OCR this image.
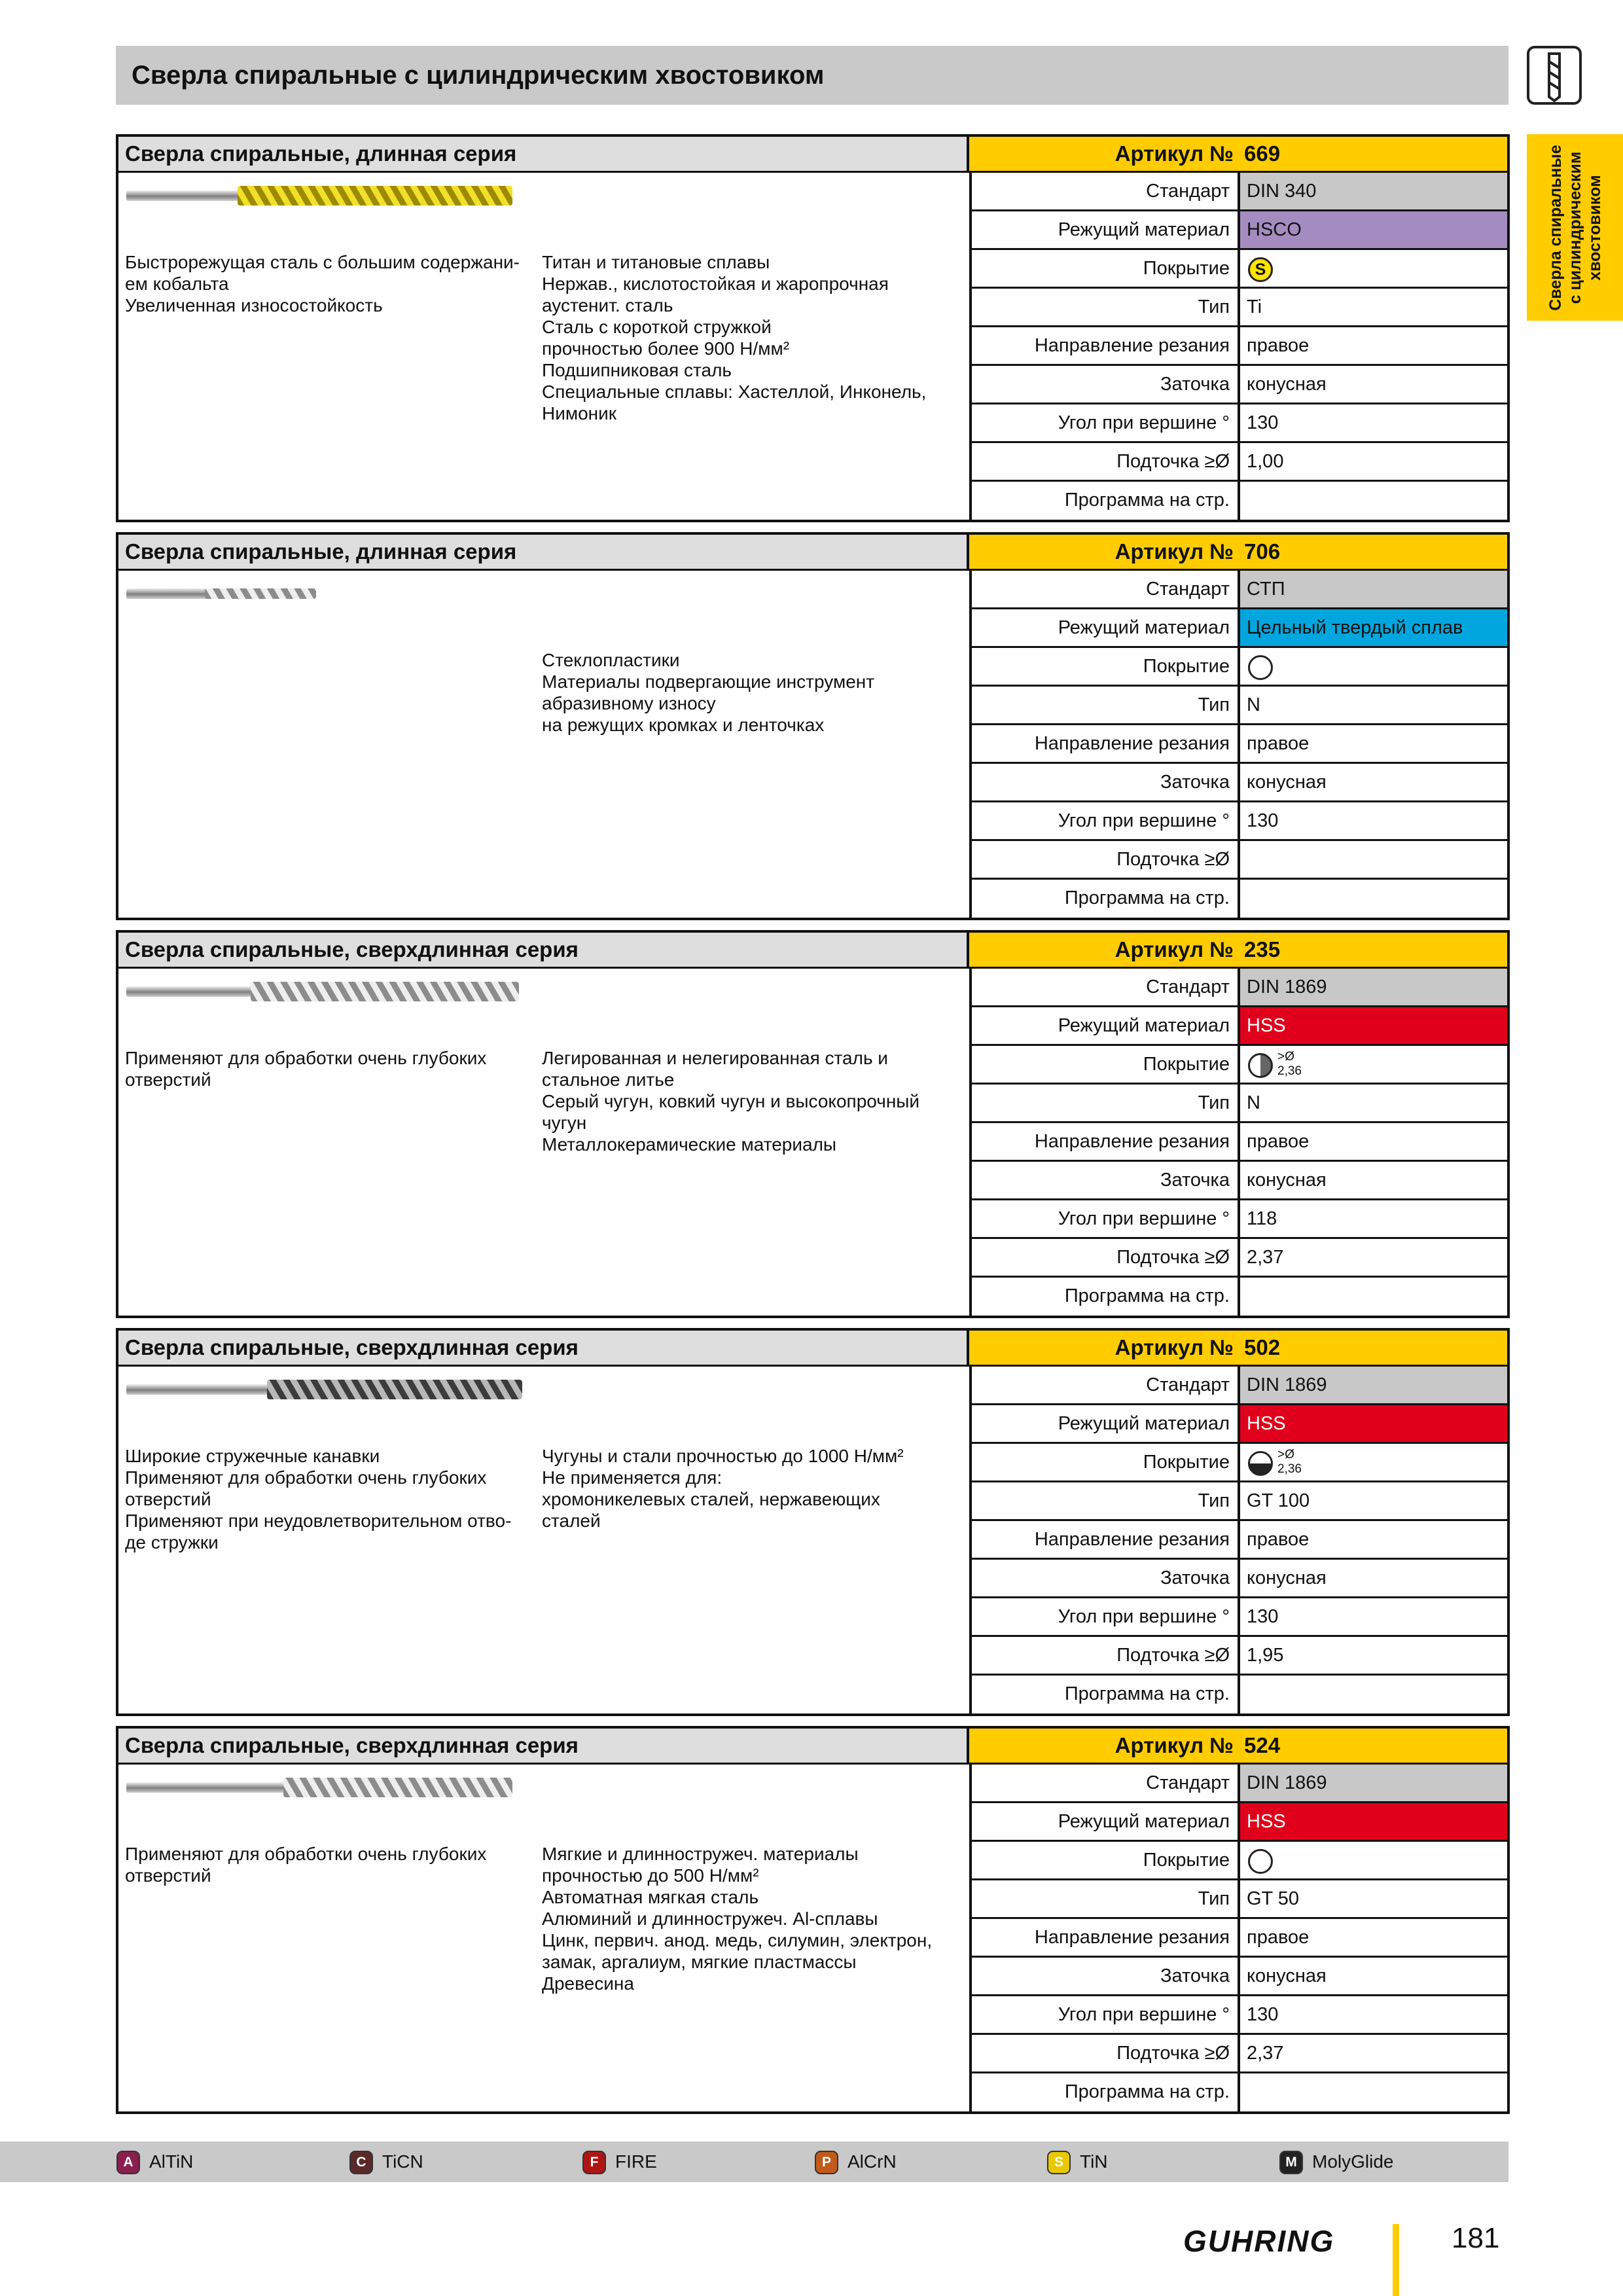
Сверла спиральные с цилиндрическим хвостовиком
Сверла спиральные
с цилиндрическим
хвостовиком
Сверла спиральные, длинная серия	Артикул № 669
Быстрорежущая сталь с большим содержани-
ем кобальта
Увеличенная износостойкость
Титан и титановые сплавы
Нержав., кислотостойкая и жаропрочная
аустенит. сталь
Сталь с короткой стружкой
прочностью более 900 Н/мм²
Подшипниковая сталь
Специальные сплавы: Хастеллой, Инконель,
Нимоник
Стандарт DIN 340
Режущий материал HSCO
Покрытие	S
Тип Ti
Направление резания правое
Заточка конусная
Угол при вершине ° 130
Подточка ≥Ø 1,00
Программа на стр.
Сверла спиральные, длинная серия	Артикул № 706
Стеклопластики
Материалы подвергающие инструмент
абразивному износу
на режущих кромках и ленточках
Стандарт СТП
Режущий материал Цельный твердый сплав
Покрытие
Тип N
Направление резания правое
Заточка конусная
Угол при вершине ° 130
Подточка ≥Ø
Программа на стр.
Сверла спиральные, сверхдлинная серия	Артикул № 235
Применяют для обработки очень глубоких
отверстий
Легированная и нелегированная сталь и
стальное литье
Серый чугун, ковкий чугун и высокопрочный
чугун
Металлокерамические материалы
Стандарт DIN 1869
Режущий материал HSS
Покрытие	>Ø
2,36
Тип N
Направление резания правое
Заточка конусная
Угол при вершине ° 118
Подточка ≥Ø 2,37
Программа на стр.
Сверла спиральные, сверхдлинная серия	Артикул № 502
Широкие стружечные канавки
Применяют для обработки очень глубоких
отверстий
Применяют при неудовлетворительном отво-
де стружки
Чугуны и стали прочностью до 1000 Н/мм²
Не применяется для:
хромоникелевых сталей, нержавеющих
сталей
Стандарт DIN 1869
Режущий материал HSS
Покрытие	>Ø
2,36
Тип GT 100
Направление резания правое
Заточка конусная
Угол при вершине ° 130
Подточка ≥Ø 1,95
Программа на стр.
Сверла спиральные, сверхдлинная серия	Артикул № 524
Применяют для обработки очень глубоких
отверстий
Мягкие и длинностружеч. материалы
прочностью до 500 Н/мм²
Автоматная мягкая сталь
Алюминий и длинностружеч. Al-сплавы
Цинк, первич. анод. медь, силумин, электрон,
замак, аргалиум, мягкие пластмассы
Древесина
Стандарт DIN 1869
Режущий материал HSS
Покрытие
Тип GT 50
Направление резания правое
Заточка конусная
Угол при вершине ° 130
Подточка ≥Ø 2,37
Программа на стр.
A AlTiN	C TiCN	F FIRE	P AlCrN	S TiN	M MolyGlide
GUHRING	181
